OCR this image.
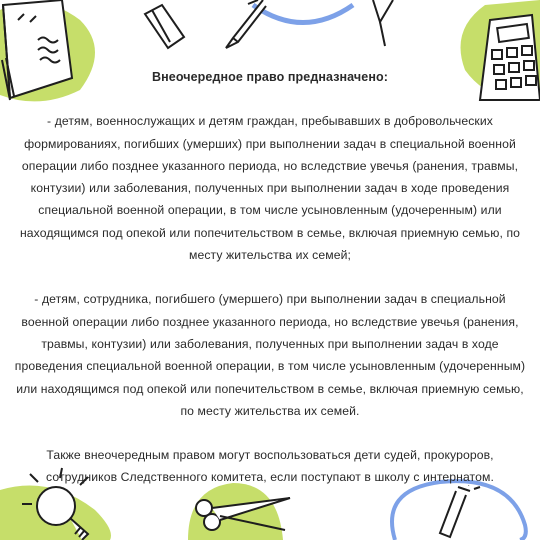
Внеочередное право предназначено:

- детям, военнослужащих и детям граждан, пребывавших в добровольческих формированиях, погибших (умерших) при выполнении задач в специальной военной операции либо позднее указанного периода, но вследствие увечья (ранения, травмы, контузии) или заболевания, полученных при выполнении задач в ходе проведения специальной военной операции, в том числе усыновленным (удочеренным) или находящимся под опекой или попечительством в семье, включая приемную семью, по месту жительства их семей;

- детям, сотрудника, погибшего (умершего) при выполнении задач в специальной военной операции либо позднее указанного периода, но вследствие увечья (ранения, травмы, контузии) или заболевания, полученных при выполнении задач в ходе проведения специальной военной операции, в том числе усыновленным (удочеренным) или находящимся под опекой или попечительством в семье, включая приемную семью, по месту жительства их семей.

Также внеочередным правом могут воспользоваться дети судей, прокуроров, сотрудников Следственного комитета, если поступают в школу с интернатом.
